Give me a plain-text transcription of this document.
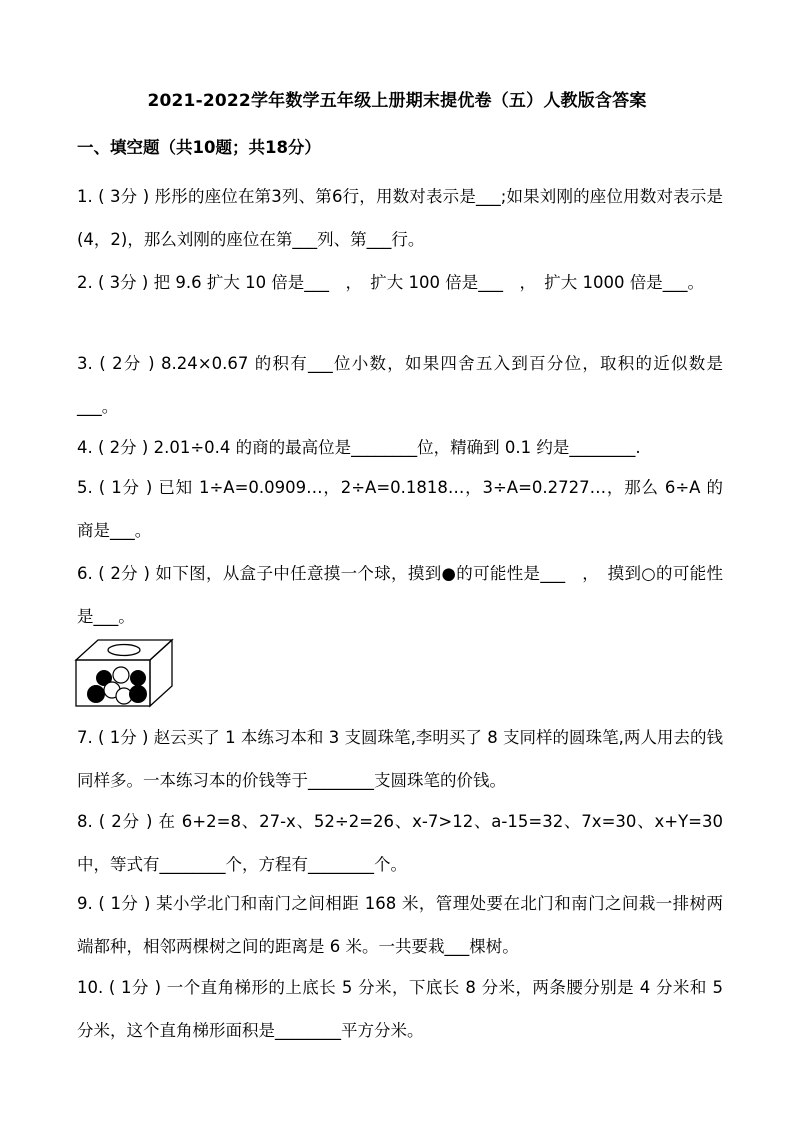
2021-2022学年数学五年级上册期末提优卷（五）人教版含答案
一、填空题（共10题；共18分）
1. ( 3分 ) 彤彤的座位在第3列、第6行，用数对表示是___;如果刘刚的座位用数对表示是(4，2)，那么刘刚的座位在第___列、第___行。
2. ( 3分 ) 把 9.6 扩大 10 倍是___　，　扩大 100 倍是___　，　扩大 1000 倍是___。
3. ( 2分 ) 8.24×0.67 的积有___位小数，如果四舍五入到百分位，取积的近似数是___。
4. ( 2分 ) 2.01÷0.4 的商的最高位是________位，精确到 0.1 约是________.
5. ( 1分 ) 已知 1÷A=0.0909…，2÷A=0.1818…，3÷A=0.2727…，那么 6÷A 的商是___。
6. ( 2分 ) 如下图，从盒子中任意摸一个球，摸到●的可能性是___　，　摸到○的可能性是___。
7. ( 1分 ) 赵云买了 1 本练习本和 3 支圆珠笔,李明买了 8 支同样的圆珠笔,两人用去的钱同样多。一本练习本的价钱等于________支圆珠笔的价钱。
8. ( 2分 ) 在 6+2=8、27-x、52÷2=26、x-7>12、a-15=32、7x=30、x+Y=30 中，等式有________个，方程有________个。
9. ( 1分 ) 某小学北门和南门之间相距 168 米，管理处要在北门和南门之间栽一排树两端都种，相邻两棵树之间的距离是 6 米。一共要栽___棵树。
10. ( 1分 ) 一个直角梯形的上底长 5 分米，下底长 8 分米，两条腰分别是 4 分米和 5 分米，这个直角梯形面积是________平方分米。
